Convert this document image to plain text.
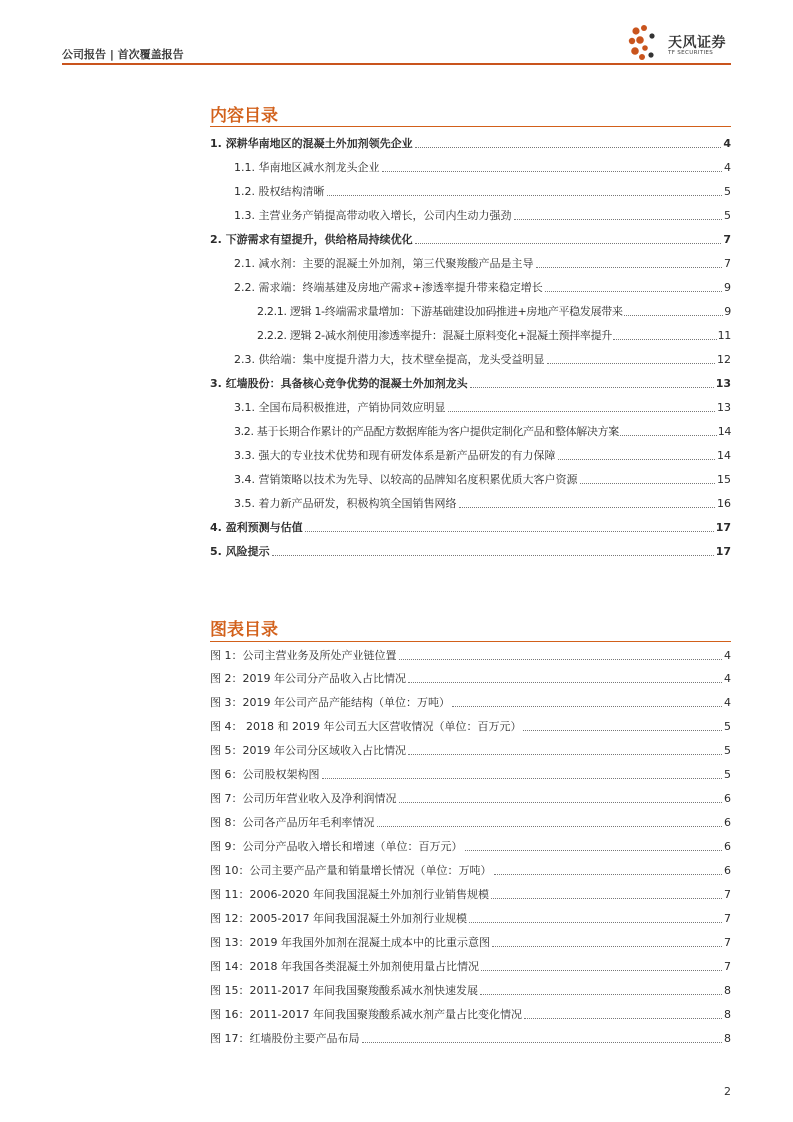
公司报告 | 首次覆盖报告
天风证券
TF SECURITIES
内容目录
1. 深耕华南地区的混凝土外加剂领先企业	4
1.1. 华南地区减水剂龙头企业	4
1.2. 股权结构清晰	5
1.3. 主营业务产销提高带动收入增长，公司内生动力强劲	5
2. 下游需求有望提升，供给格局持续优化	7
2.1. 减水剂：主要的混凝土外加剂，第三代聚羧酸产品是主导	7
2.2. 需求端：终端基建及房地产需求+渗透率提升带来稳定增长	9
2.2.1. 逻辑 1-终端需求量增加：下游基础建设加码推进+房地产平稳发展带来	9
2.2.2. 逻辑 2-减水剂使用渗透率提升：混凝土原料变化+混凝土预拌率提升	11
2.3. 供给端：集中度提升潜力大，技术壁垒提高，龙头受益明显	12
3. 红墙股份：具备核心竞争优势的混凝土外加剂龙头	13
3.1. 全国布局积极推进，产销协同效应明显	13
3.2. 基于长期合作累计的产品配方数据库能为客户提供定制化产品和整体解决方案	14
3.3. 强大的专业技术优势和现有研发体系是新产品研发的有力保障	14
3.4. 营销策略以技术为先导、以较高的品牌知名度积累优质大客户资源	15
3.5. 着力新产品研发，积极构筑全国销售网络	16
4. 盈利预测与估值	17
5. 风险提示	17
图表目录
图 1：公司主营业务及所处产业链位置	4
图 2：2019 年公司分产品收入占比情况	4
图 3：2019 年公司产品产能结构（单位：万吨）	4
图 4： 2018 和 2019 年公司五大区营收情况（单位：百万元）	5
图 5：2019 年公司分区域收入占比情况	5
图 6：公司股权架构图	5
图 7：公司历年营业收入及净利润情况	6
图 8：公司各产品历年毛利率情况	6
图 9：公司分产品收入增长和增速（单位：百万元）	6
图 10：公司主要产品产量和销量增长情况（单位：万吨）	6
图 11：2006-2020 年间我国混凝土外加剂行业销售规模	7
图 12：2005-2017 年间我国混凝土外加剂行业规模	7
图 13：2019 年我国外加剂在混凝土成本中的比重示意图	7
图 14：2018 年我国各类混凝土外加剂使用量占比情况	7
图 15：2011-2017 年间我国聚羧酸系减水剂快速发展	8
图 16：2011-2017 年间我国聚羧酸系减水剂产量占比变化情况	8
图 17：红墙股份主要产品布局	8
2
